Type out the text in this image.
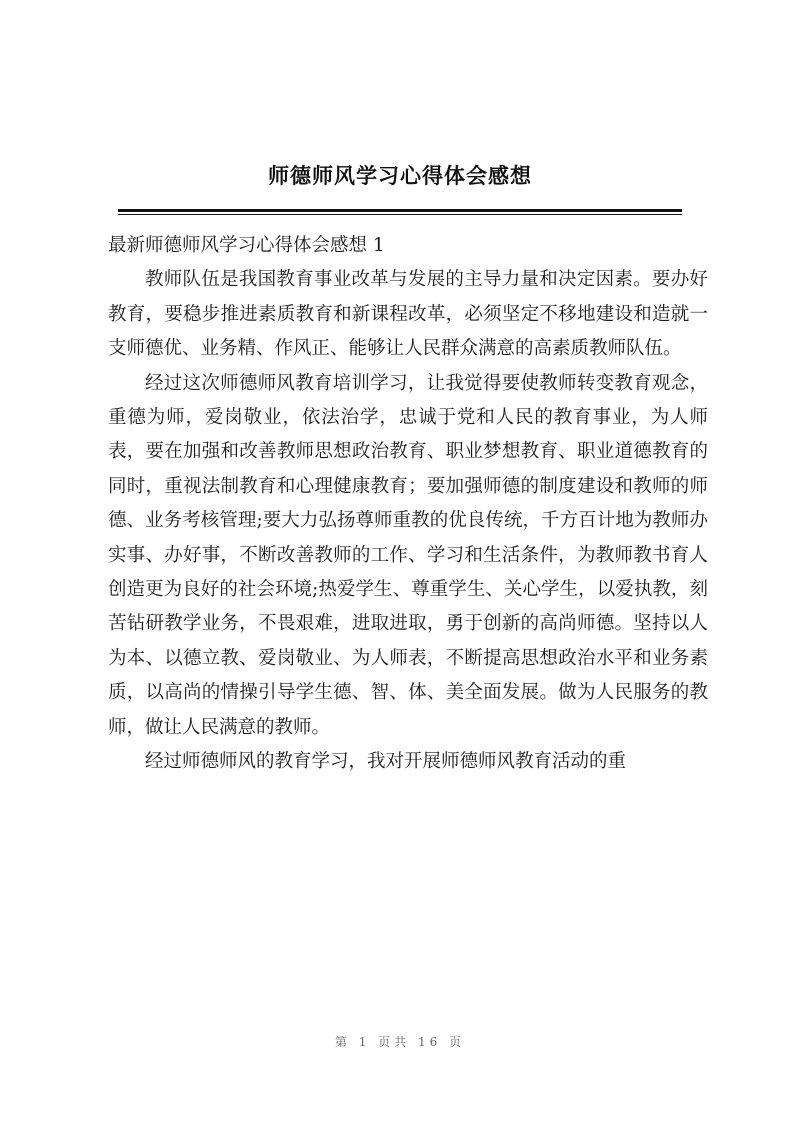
师德师风学习心得体会感想

最新师德师风学习心得体会感想 1

教师队伍是我国教育事业改革与发展的主导力量和决定因素。要办好教育，要稳步推进素质教育和新课程改革，必须坚定不移地建设和造就一支师德优、业务精、作风正、能够让人民群众满意的高素质教师队伍。

经过这次师德师风教育培训学习，让我觉得要使教师转变教育观念，重德为师，爱岗敬业，依法治学，忠诚于党和人民的教育事业，为人师表，要在加强和改善教师思想政治教育、职业梦想教育、职业道德教育的同时，重视法制教育和心理健康教育；要加强师德的制度建设和教师的师德、业务考核管理;要大力弘扬尊师重教的优良传统，千方百计地为教师办实事、办好事，不断改善教师的工作、学习和生活条件，为教师教书育人创造更为良好的社会环境;热爱学生、尊重学生、关心学生，以爱执教，刻苦钻研教学业务，不畏艰难，进取进取，勇于创新的高尚师德。坚持以人为本、以德立教、爱岗敬业、为人师表，不断提高思想政治水平和业务素质，以高尚的情操引导学生德、智、体、美全面发展。做为人民服务的教师，做让人民满意的教师。

经过师德师风的教育学习，我对开展师德师风教育活动的重

第 1 页共 16 页
